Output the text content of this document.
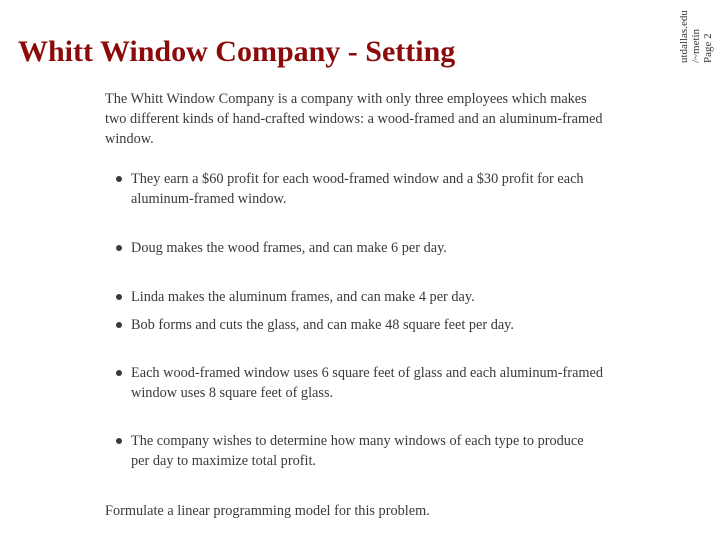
Whitt Window Company - Setting	utdallas.edu
/~metin Page 2

The Whitt Window Company is a company with only three employees which makes two different kinds of hand-crafted windows: a wood-framed and an aluminum-framed window.

They earn a $60 profit for each wood-framed window and a $30 profit for each aluminum-framed window.
Doug makes the wood frames, and can make 6 per day.
Linda makes the aluminum frames, and can make 4 per day.
Bob forms and cuts the glass, and can make 48 square feet per day.
Each wood-framed window uses 6 square feet of glass and each aluminum-framed window uses 8 square feet of glass.
The company wishes to determine how many windows of each type to produce per day to maximize total profit.
Formulate a linear programming model for this problem.
